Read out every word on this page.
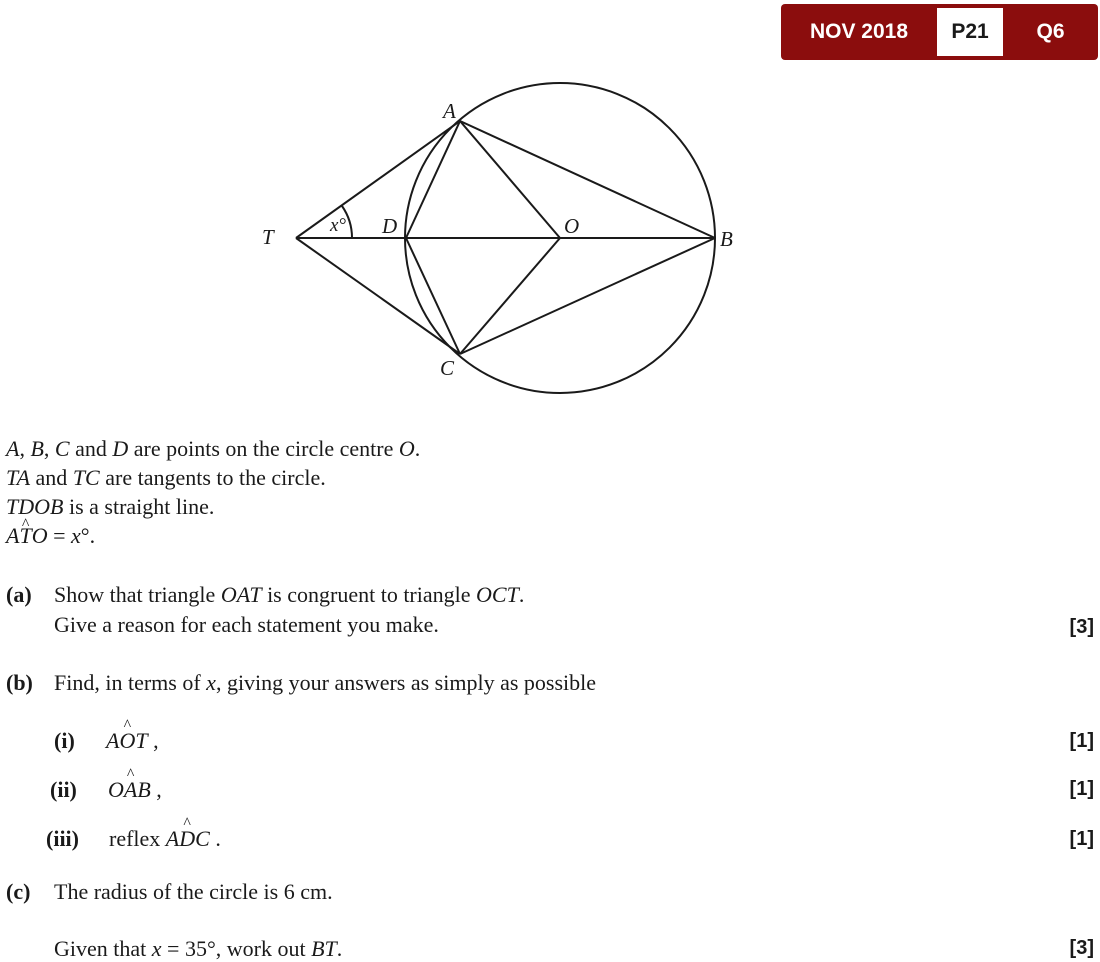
NOV 2018	P21	Q6
A
B
C
D	O
T	x°
A, B, C and D are points on the circle centre O.
TA and TC are tangents to the circle.
TDOB is a straight line.
A^ TO = x°.
(a) Show that triangle OAT is congruent to triangle OCT.
Give a reason for each statement you make.	[3]
(b) Find, in terms of x, giving your answers as simply as possible
(i) A^ OT ,	[1]
(ii) O^ AB ,	[1]
(iii) reflex A^ DC .	[1]
(c) The radius of the circle is 6 cm.
Given that x = 35°, work out BT.	[3]
